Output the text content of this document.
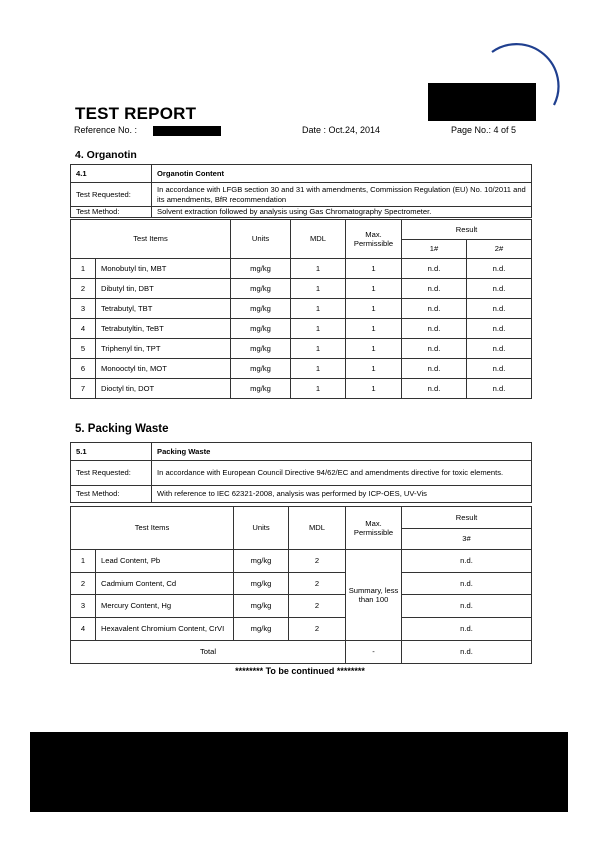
TEST REPORT
Reference No. :	Date : Oct.24, 2014	Page No.: 4 of 5
4. Organotin
4.1	Organotin Content
Test Requested:	In accordance with LFGB section 30 and 31 with amendments, Commission Regulation (EU) No. 10/2011 and its amendments, BfR recommendation
Test Method:	Solvent extraction followed by analysis using Gas Chromatography Spectrometer.
Test Items		Units	MDL	Max. Permissible	Result	
					1#	2#
1	Monobutyl tin, MBT	mg/kg	1	1	n.d.	n.d.
2	Dibutyl tin, DBT	mg/kg	1	1	n.d.	n.d.
3	Tetrabutyl, TBT	mg/kg	1	1	n.d.	n.d.
4	Tetrabutyltin, TeBT	mg/kg	1	1	n.d.	n.d.
5	Triphenyl tin, TPT	mg/kg	1	1	n.d.	n.d.
6	Monooctyl tin, MOT	mg/kg	1	1	n.d.	n.d.
7	Dioctyl tin, DOT	mg/kg	1	1	n.d.	n.d.
5. Packing Waste
5.1	Packing Waste
Test Requested:	In accordance with European Council Directive 94/62/EC and amendments directive for toxic elements.
Test Method:	With reference to IEC 62321-2008, analysis was performed by ICP-OES, UV-Vis
Test Items		Units	MDL	Max. Permissible	Result
					3#
1	Lead Content, Pb	mg/kg	2	Summary, less than 100	n.d.
2	Cadmium Content, Cd	mg/kg	2		n.d.
3	Mercury Content, Hg	mg/kg	2		n.d.
4	Hexavalent Chromium Content, CrVI	mg/kg	2		n.d.
Total				-	n.d.
******** To be continued ********
